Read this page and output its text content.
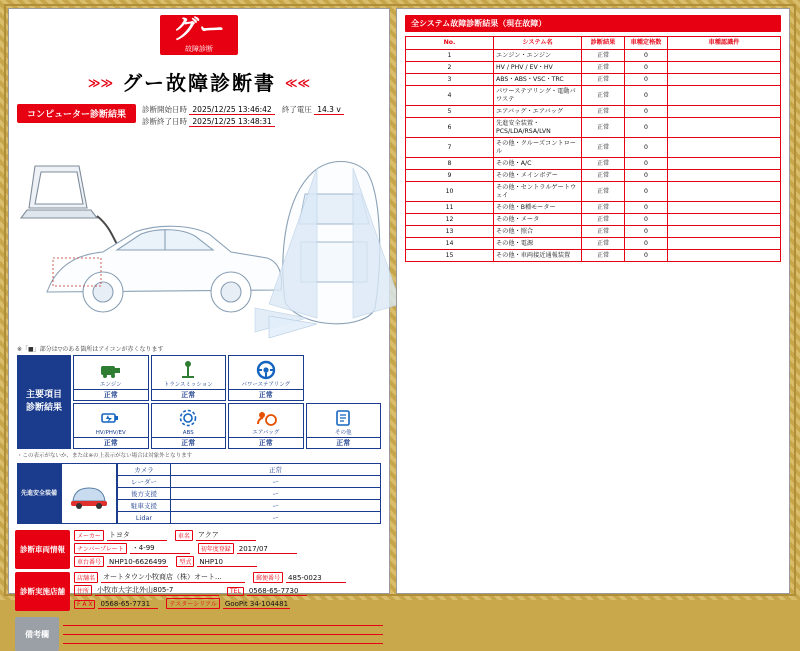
グー
故障診断
≫≫ グー故障診断書 ≪≪
コンピューター診断結果
診断開始日時 2025/12/25 13:46:42 終了電圧 14.3 v
診断終了日時 2025/12/25 13:48:31
※「■」部分は▽のある箇所はアイコンが赤くなります
主要項目
診断結果
エンジン
正常
トランスミッション
正常
パワーステアリング
正常
HV/PHV/EV
正常
ABS
正常
エアバッグ
正常
その他
正常
・この表示がないか、または※の上表示がない場合は対象外となります
先進安全装備
カメラ	正常
レーダー	ー
後方支援	ー
駐車支援	ー
Lidar	ー
診断車両情報
メーカー	トヨタ	車名	アクア
ナンバープレート	・4-99	初年度登録	2017/07
車台番号	NHP10-6626499	型式	NHP10
診断実施店舗
店舗名	オートタウン小牧商店（株）オート...	郵便番号	485-0023
住所	小牧市大字北外山805-7	TEL	0568-65-7730
F A X	0568-65-7731	テスターシリアル	GooPit 34-104481
備考欄
全システム故障診断結果（現在故障）
No.	システム名	診断結果	車種定格数	車種認識件
1	エンジン・エンジン	正常	0	
2	HV / PHV / EV・HV	正常	0	
3	ABS・ABS・VSC・TRC	正常	0	
4	パワーステアリング・電動パワステ	正常	0	
5	エアバッグ・エアバッグ	正常	0	
6	先進安全装置・PCS/LDA/RSA/LVN	正常	0	
7	その他・クルーズコントロール	正常	0	
8	その他・A/C	正常	0	
9	その他・メインボデー	正常	0	
10	その他・セントラルゲートウェイ	正常	0	
11	その他・B種モーター	正常	0	
12	その他・メータ	正常	0	
13	その他・照合	正常	0	
14	その他・電源	正常	0	
15	その他・車両接近通報装置	正常	0	
